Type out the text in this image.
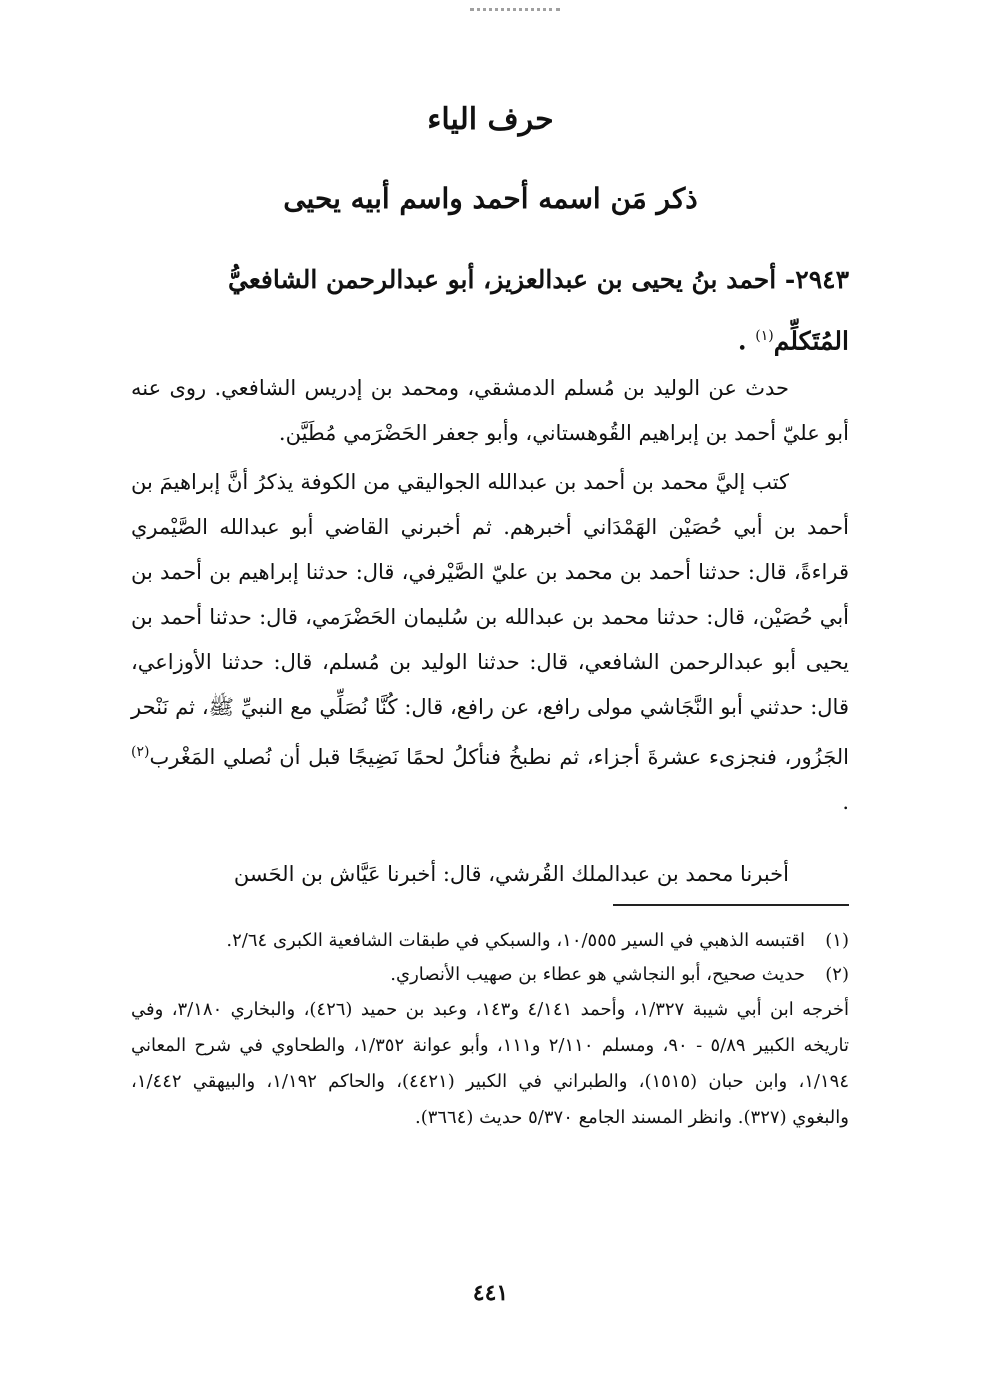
حرف الياء
ذكر مَن اسمه أحمد واسم أبيه يحيى
٢٩٤٣- أحمد بنُ يحيى بن عبدالعزيز، أبو عبدالرحمن الشافعيُّ
المُتَكلِّم$^{(١)}$ .

حدث عن الوليد بن مُسلم الدمشقي، ومحمد بن إدريس الشافعي. روى عنه أبو عليّ أحمد بن إبراهيم القُوهستاني، وأبو جعفر الحَضْرَمي مُطَيَّن.

كتب إليَّ محمد بن أحمد بن عبدالله الجواليقي من الكوفة يذكرُ أنَّ إبراهيمَ بن أحمد بن أبي حُصَيْن الهَمْدَاني أخبرهم. ثم أخبرني القاضي أبو عبدالله الصَّيْمري قراءةً، قال: حدثنا أحمد بن محمد بن عليّ الصَّيْرفي، قال: حدثنا إبراهيم بن أحمد بن أبي حُصَيْن، قال: حدثنا محمد بن عبدالله بن سُليمان الحَضْرَمي، قال: حدثنا أحمد بن يحيى أبو عبدالرحمن الشافعي، قال: حدثنا الوليد بن مُسلم، قال: حدثنا الأوزاعي، قال: حدثني أبو النَّجَاشي مولى رافع، عن رافع، قال: كُنَّا نُصَلِّي مع النبيِّ ﷺ، ثم نَنْحر الجَزُور، فنجزىء عشرةَ أجزاء، ثم نطبخُ فنأكلُ لحمًا نَضِيجًا قبل أن نُصلي المَغْرب$^{(٢)}$ .

أخبرنا محمد بن عبدالملك القُرشي، قال: أخبرنا عَيَّاش بن الحَسن

(١)
اقتبسه الذهبي في السير ١٠/٥٥٥، والسبكي في طبقات الشافعية الكبرى ٢/٦٤.
(٢)
حديث صحيح، أبو النجاشي هو عطاء بن صهيب الأنصاري.
أخرجه ابن أبي شيبة ١/٣٢٧، وأحمد ٤/١٤١ و١٤٣، وعبد بن حميد (٤٢٦)، والبخاري ٣/١٨٠، وفي تاريخه الكبير ٥/٨٩ - ٩٠، ومسلم ٢/١١٠ و١١١، وأبو عوانة ١/٣٥٢، والطحاوي في شرح المعاني ١/١٩٤، وابن حبان (١٥١٥)، والطبراني في الكبير (٤٤٢١)، والحاكم ١/١٩٢، والبيهقي ١/٤٤٢، والبغوي (٣٢٧). وانظر المسند الجامع ٥/٣٧٠ حديث (٣٦٦٤).
٤٤١
